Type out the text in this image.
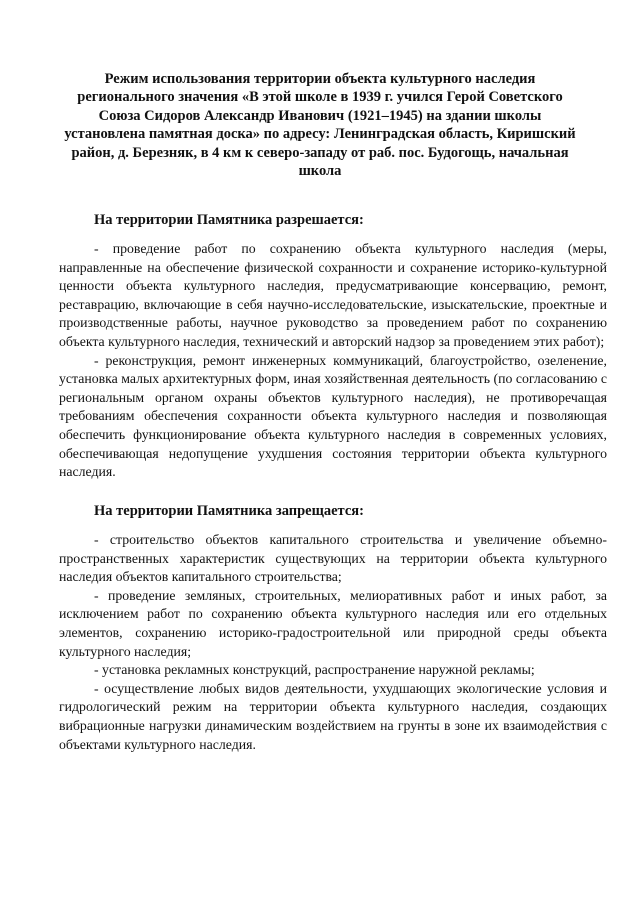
Режим использования территории объекта культурного наследия регионального значения «В этой школе в 1939 г. учился Герой Советского Союза Сидоров Александр Иванович (1921–1945) на здании школы установлена памятная доска» по адресу: Ленинградская область, Киришский район, д. Березняк, в 4 км к северо-западу от раб. пос. Будогощь, начальная школа
На территории Памятника разрешается:

- проведение работ по сохранению объекта культурного наследия (меры, направленные на обеспечение физической сохранности и сохранение историко-культурной ценности объекта культурного наследия, предусматривающие консервацию, ремонт, реставрацию, включающие в себя научно-исследовательские, изыскательские, проектные и производственные работы, научное руководство за проведением работ по сохранению объекта культурного наследия, технический и авторский надзор за проведением этих работ);

- реконструкция, ремонт инженерных коммуникаций, благоустройство, озеленение, установка малых архитектурных форм, иная хозяйственная деятельность (по согласованию с региональным органом охраны объектов культурного наследия), не противоречащая требованиям обеспечения сохранности объекта культурного наследия и позволяющая обеспечить функционирование объекта культурного наследия в современных условиях, обеспечивающая недопущение ухудшения состояния территории объекта культурного наследия.

На территории Памятника запрещается:

- строительство объектов капитального строительства и увеличение объемно-пространственных характеристик существующих на территории объекта культурного наследия объектов капитального строительства;

- проведение земляных, строительных, мелиоративных работ и иных работ, за исключением работ по сохранению объекта культурного наследия или его отдельных элементов, сохранению историко-градостроительной или природной среды объекта культурного наследия;

- установка рекламных конструкций, распространение наружной рекламы;

- осуществление любых видов деятельности, ухудшающих экологические условия и гидрологический режим на территории объекта культурного наследия, создающих вибрационные нагрузки динамическим воздействием на грунты в зоне их взаимодействия с объектами культурного наследия.
